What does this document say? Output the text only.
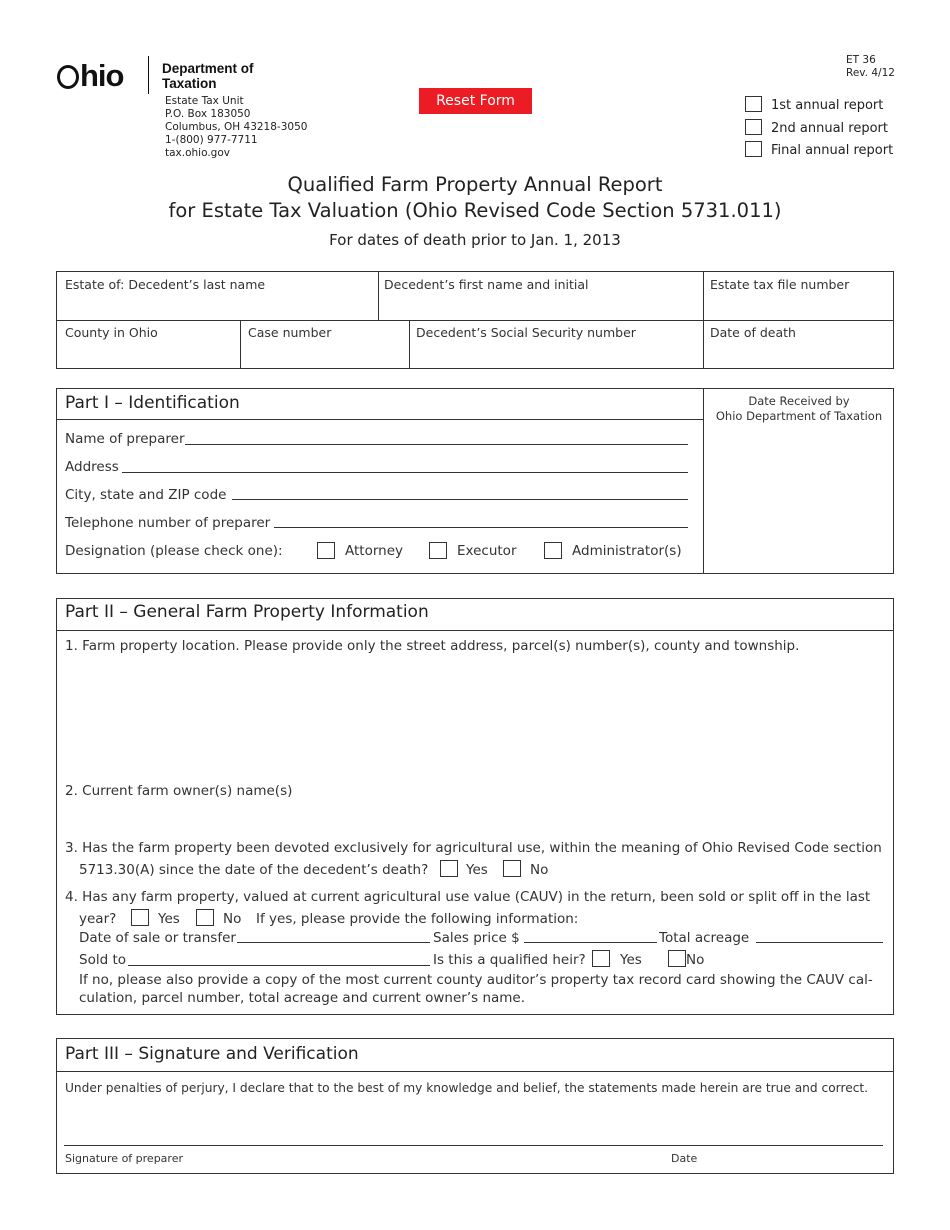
hio	Department of
Taxation
Estate Tax Unit
P.O. Box 183050
Columbus, OH 43218-3050
1-(800) 977-7711
tax.ohio.gov
Reset Form
ET 36
Rev. 4/12
1st annual report
2nd annual report
Final annual report
Qualified Farm Property Annual Report
for Estate Tax Valuation (Ohio Revised Code Section 5731.011)
For dates of death prior to Jan. 1, 2013
Estate of: Decedent’s last name	Decedent’s first name and initial	Estate tax file number
County in Ohio	Case number	Decedent’s Social Security number	Date of death
Part I – Identification	Date Received by
Ohio Department of Taxation
Name of preparer
Address
City, state and ZIP code
Telephone number of preparer
Designation (please check one):	Attorney	Executor	Administrator(s)
Part II – General Farm Property Information
1. Farm property location. Please provide only the street address, parcel(s) number(s), county and township.
2. Current farm owner(s) name(s)
3. Has the farm property been devoted exclusively for agricultural use, within the meaning of Ohio Revised Code section
5713.30(A) since the date of the decedent’s death?	Yes	No
4. Has any farm property, valued at current agricultural use value (CAUV) in the return, been sold or split off in the last
year?	Yes	No If yes, please provide the following information:
Date of sale or transfer	Sales price $	Total acreage
Sold to	Is this a qualified heir?	Yes	No
If no, please also provide a copy of the most current county auditor’s property tax record card showing the CAUV cal-
culation, parcel number, total acreage and current owner’s name.
Part III – Signature and Verification
Under penalties of perjury, I declare that to the best of my knowledge and belief, the statements made herein are true and correct.
Signature of preparer	Date
